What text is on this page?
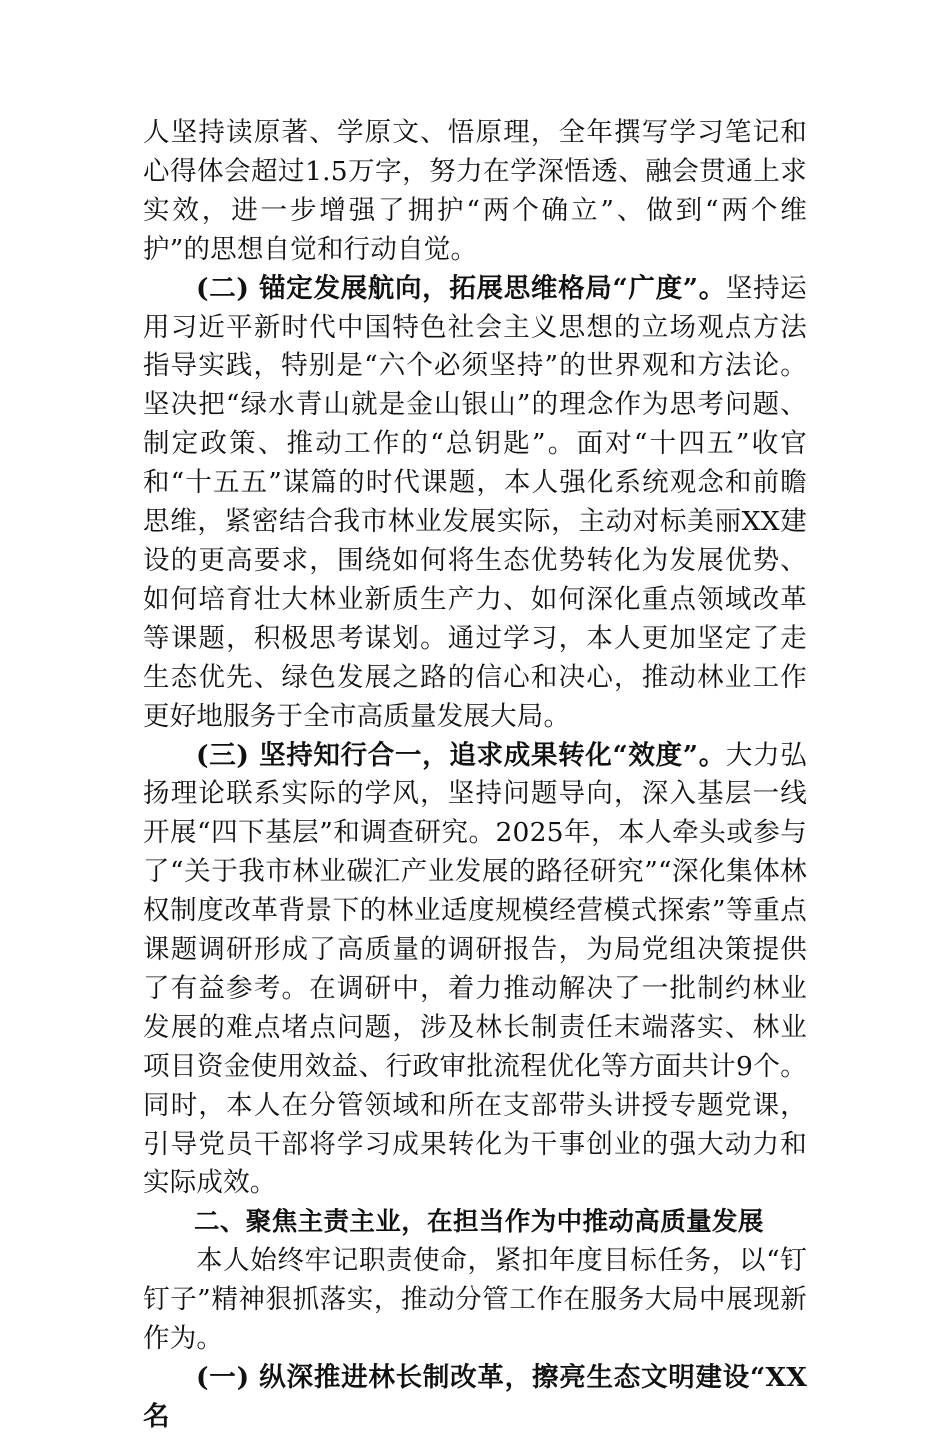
人坚持读原著、学原文、悟原理，全年撰写学习笔记和心得体会超过1.5万字，努力在学深悟透、融会贯通上求实效，进一步增强了拥护“两个确立”、做到“两个维护”的思想自觉和行动自觉。

(二) 锚定发展航向，拓展思维格局“广度”。坚持运用习近平新时代中国特色社会主义思想的立场观点方法指导实践，特别是“六个必须坚持”的世界观和方法论。坚决把“绿水青山就是金山银山”的理念作为思考问题、制定政策、推动工作的“总钥匙”。面对“十四五”收官和“十五五”谋篇的时代课题，本人强化系统观念和前瞻思维，紧密结合我市林业发展实际，主动对标美丽XX建设的更高要求，围绕如何将生态优势转化为发展优势、如何培育壮大林业新质生产力、如何深化重点领域改革等课题，积极思考谋划。通过学习，本人更加坚定了走生态优先、绿色发展之路的信心和决心，推动林业工作更好地服务于全市高质量发展大局。

(三) 坚持知行合一，追求成果转化“效度”。大力弘扬理论联系实际的学风，坚持问题导向，深入基层一线开展“四下基层”和调查研究。2025年，本人牵头或参与了“关于我市林业碳汇产业发展的路径研究”“深化集体林权制度改革背景下的林业适度规模经营模式探索”等重点课题调研形成了高质量的调研报告，为局党组决策提供了有益参考。在调研中，着力推动解决了一批制约林业发展的难点堵点问题，涉及林长制责任末端落实、林业项目资金使用效益、行政审批流程优化等方面共计9个。同时，本人在分管领域和所在支部带头讲授专题党课，引导党员干部将学习成果转化为干事创业的强大动力和实际成效。

二、聚焦主责主业，在担当作为中推动高质量发展

本人始终牢记职责使命，紧扣年度目标任务，以“钉钉子”精神狠抓落实，推动分管工作在服务大局中展现新作为。

(一) 纵深推进林长制改革，擦亮生态文明建设“XX名
